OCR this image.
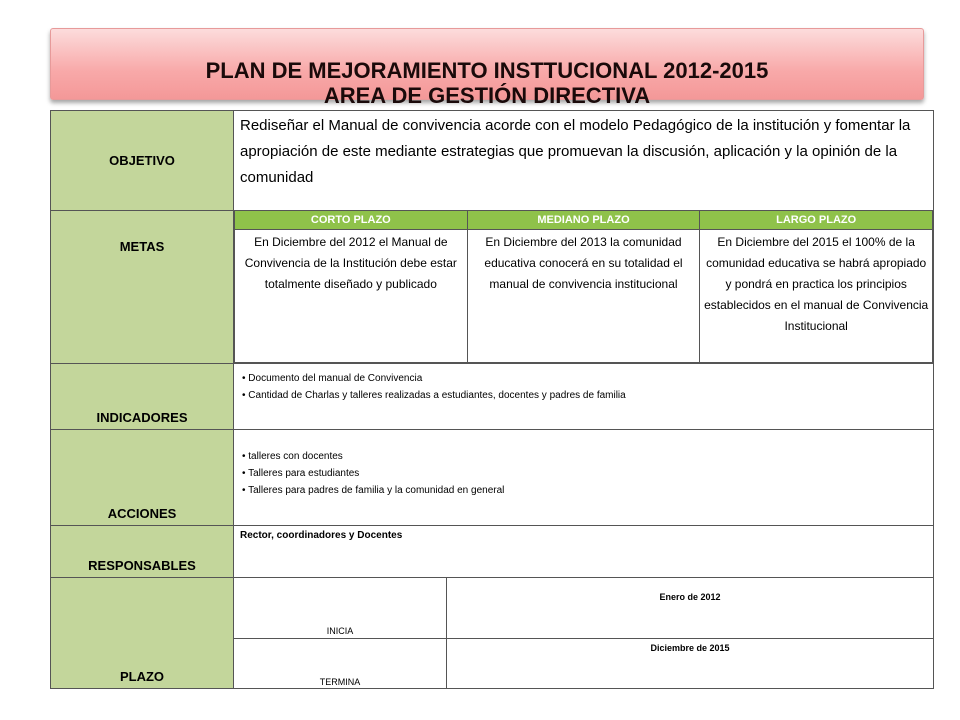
PLAN DE MEJORAMIENTO INSTTUCIONAL 2012-2015
AREA DE GESTIÓN DIRECTIVA
OBJETIVO	
Rediseñar el Manual de convivencia acorde con el modelo Pedagógico de la institución y fomentar la apropiación de este mediante estrategias que promuevan la discusión, aplicación y la opinión de la comunidad

METAS	
CORTO PLAZO	MEDIANO PLAZO	LARGO PLAZO
En Diciembre del 2012 el Manual de Convivencia de la Institución debe estar totalmente diseñado y publicado	En Diciembre del 2013 la comunidad educativa conocerá en su totalidad el manual de convivencia institucional	En Diciembre del 2015 el 100% de la comunidad educativa se habrá apropiado y pondrá en practica los principios establecidos en el manual de Convivencia Institucional

INDICADORES	
• Documento del manual de Convivencia
• Cantidad de Charlas y talleres realizadas a estudiantes, docentes y padres de familia

ACCIONES	
• talleres con docentes
• Talleres para estudiantes
• Talleres para padres de familia y la comunidad en general

RESPONSABLES	
Rector, coordinadores y Docentes

PLAZO	
INICIA	Enero de 2012
TERMINA	Diciembre de 2015
